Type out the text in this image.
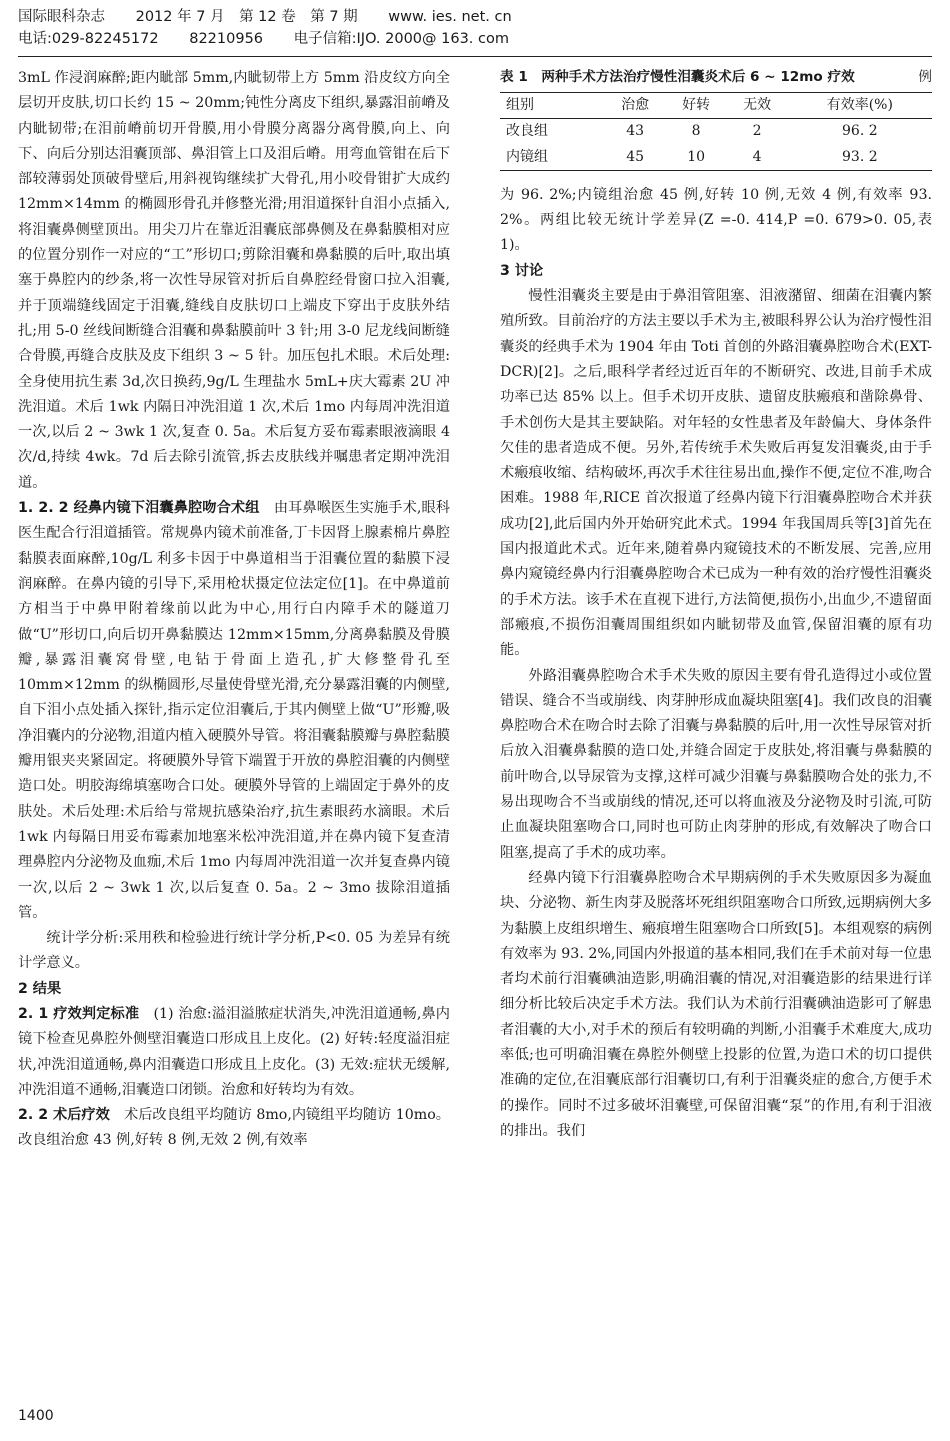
国际眼科杂志 2012 年 7 月　第 12 卷　第 7 期 www. ies. net. cn
电话:029-82245172 82210956 电子信箱:IJO. 2000@ 163. com

3mL 作浸润麻醉;距内眦部 5mm,内眦韧带上方 5mm 沿皮纹方向全层切开皮肤,切口长约 15 ~ 20mm;钝性分离皮下组织,暴露泪前嵴及内眦韧带;在泪前嵴前切开骨膜,用小骨膜分离器分离骨膜,向上、向下、向后分别达泪囊顶部、鼻泪管上口及泪后嵴。用弯血管钳在后下部较薄弱处顶破骨壁后,用斜视钩继续扩大骨孔,用小咬骨钳扩大成约 12mm×14mm 的椭圆形骨孔并修整光滑;用泪道探针自泪小点插入,将泪囊鼻侧壁顶出。用尖刀片在靠近泪囊底部鼻侧及在鼻黏膜相对应的位置分别作一对应的“工”形切口;剪除泪囊和鼻黏膜的后叶,取出填塞于鼻腔内的纱条,将一次性导尿管对折后自鼻腔经骨窗口拉入泪囊,并于顶端缝线固定于泪囊,缝线自皮肤切口上端皮下穿出于皮肤外结扎;用 5-0 丝线间断缝合泪囊和鼻黏膜前叶 3 针;用 3-0 尼龙线间断缝合骨膜,再缝合皮肤及皮下组织 3 ~ 5 针。加压包扎术眼。术后处理:全身使用抗生素 3d,次日换药,9g/L 生理盐水 5mL+庆大霉素 2U 冲洗泪道。术后 1wk 内隔日冲洗泪道 1 次,术后 1mo 内每周冲洗泪道一次,以后 2 ~ 3wk 1 次,复查 0. 5a。术后复方妥布霉素眼液滴眼 4 次/d,持续 4wk。7d 后去除引流管,拆去皮肤线并嘱患者定期冲洗泪道。

1. 2. 2 经鼻内镜下泪囊鼻腔吻合术组　由耳鼻喉医生实施手术,眼科医生配合行泪道插管。常规鼻内镜术前准备,丁卡因肾上腺素棉片鼻腔黏膜表面麻醉,10g/L 利多卡因于中鼻道相当于泪囊位置的黏膜下浸润麻醉。在鼻内镜的引导下,采用枪状摄定位法定位[1]。在中鼻道前方相当于中鼻甲附着缘前以此为中心,用行白内障手术的隧道刀做“U”形切口,向后切开鼻黏膜达 12mm×15mm,分离鼻黏膜及骨膜瓣,暴露泪囊窝骨壁,电钻于骨面上造孔,扩大修整骨孔至 10mm×12mm 的纵椭圆形,尽量使骨壁光滑,充分暴露泪囊的内侧壁,自下泪小点处插入探针,指示定位泪囊后,于其内侧壁上做“U”形瓣,吸净泪囊内的分泌物,泪道内植入硬膜外导管。将泪囊黏膜瓣与鼻腔黏膜瓣用银夹夹紧固定。将硬膜外导管下端置于开放的鼻腔泪囊的内侧壁造口处。明胶海绵填塞吻合口处。硬膜外导管的上端固定于鼻外的皮肤处。术后处理:术后给与常规抗感染治疗,抗生素眼药水滴眼。术后 1wk 内每隔日用妥布霉素加地塞米松冲洗泪道,并在鼻内镜下复查清理鼻腔内分泌物及血痂,术后 1mo 内每周冲洗泪道一次并复查鼻内镜一次,以后 2 ~ 3wk 1 次,以后复查 0. 5a。2 ~ 3mo 拔除泪道插管。

统计学分析:采用秩和检验进行统计学分析,P<0. 05 为差异有统计学意义。

2 结果

2. 1 疗效判定标准　(1) 治愈:溢泪溢脓症状消失,冲洗泪道通畅,鼻内镜下检查见鼻腔外侧壁泪囊造口形成且上皮化。(2) 好转:轻度溢泪症状,冲洗泪道通畅,鼻内泪囊造口形成且上皮化。(3) 无效:症状无缓解,冲洗泪道不通畅,泪囊造口闭锁。治愈和好转均为有效。

2. 2 术后疗效　术后改良组平均随访 8mo,内镜组平均随访 10mo。改良组治愈 43 例,好转 8 例,无效 2 例,有效率

表 1　两种手术方法治疗慢性泪囊炎术后 6 ~ 12mo 疗效	例
组别	治愈	好转	无效	有效率(%)
改良组	43	8	2	96. 2
内镜组	45	10	4	93. 2

为 96. 2%;内镜组治愈 45 例,好转 10 例,无效 4 例,有效率 93. 2%。两组比较无统计学差异(Z =-0. 414,P =0. 679>0. 05,表 1)。

3 讨论

慢性泪囊炎主要是由于鼻泪管阻塞、泪液潴留、细菌在泪囊内繁殖所致。目前治疗的方法主要以手术为主,被眼科界公认为治疗慢性泪囊炎的经典手术为 1904 年由 Toti 首创的外路泪囊鼻腔吻合术(EXT-DCR)[2]。之后,眼科学者经过近百年的不断研究、改进,目前手术成功率已达 85% 以上。但手术切开皮肤、遗留皮肤瘢痕和凿除鼻骨、手术创伤大是其主要缺陷。对年轻的女性患者及年龄偏大、身体条件欠佳的患者造成不便。另外,若传统手术失败后再复发泪囊炎,由于手术瘢痕收缩、结构破坏,再次手术往往易出血,操作不便,定位不准,吻合困难。1988 年,RICE 首次报道了经鼻内镜下行泪囊鼻腔吻合术并获成功[2],此后国内外开始研究此术式。1994 年我国周兵等[3]首先在国内报道此术式。近年来,随着鼻内窥镜技术的不断发展、完善,应用鼻内窥镜经鼻内行泪囊鼻腔吻合术已成为一种有效的治疗慢性泪囊炎的手术方法。该手术在直视下进行,方法简便,损伤小,出血少,不遗留面部瘢痕,不损伤泪囊周围组织如内眦韧带及血管,保留泪囊的原有功能。

外路泪囊鼻腔吻合术手术失败的原因主要有骨孔造得过小或位置错误、缝合不当或崩线、肉芽肿形成血凝块阻塞[4]。我们改良的泪囊鼻腔吻合术在吻合时去除了泪囊与鼻黏膜的后叶,用一次性导尿管对折后放入泪囊鼻黏膜的造口处,并缝合固定于皮肤处,将泪囊与鼻黏膜的前叶吻合,以导尿管为支撑,这样可减少泪囊与鼻黏膜吻合处的张力,不易出现吻合不当或崩线的情况,还可以将血液及分泌物及时引流,可防止血凝块阻塞吻合口,同时也可防止肉芽肿的形成,有效解决了吻合口阻塞,提高了手术的成功率。

经鼻内镜下行泪囊鼻腔吻合术早期病例的手术失败原因多为凝血块、分泌物、新生肉芽及脱落坏死组织阻塞吻合口所致,远期病例大多为黏膜上皮组织增生、瘢痕增生阻塞吻合口所致[5]。本组观察的病例有效率为 93. 2%,同国内外报道的基本相同,我们在手术前对每一位患者均术前行泪囊碘油造影,明确泪囊的情况,对泪囊造影的结果进行详细分析比较后决定手术方法。我们认为术前行泪囊碘油造影可了解患者泪囊的大小,对手术的预后有较明确的判断,小泪囊手术难度大,成功率低;也可明确泪囊在鼻腔外侧壁上投影的位置,为造口术的切口提供准确的定位,在泪囊底部行泪囊切口,有利于泪囊炎症的愈合,方便手术的操作。同时不过多破坏泪囊壁,可保留泪囊“泵”的作用,有利于泪液的排出。我们

1400
